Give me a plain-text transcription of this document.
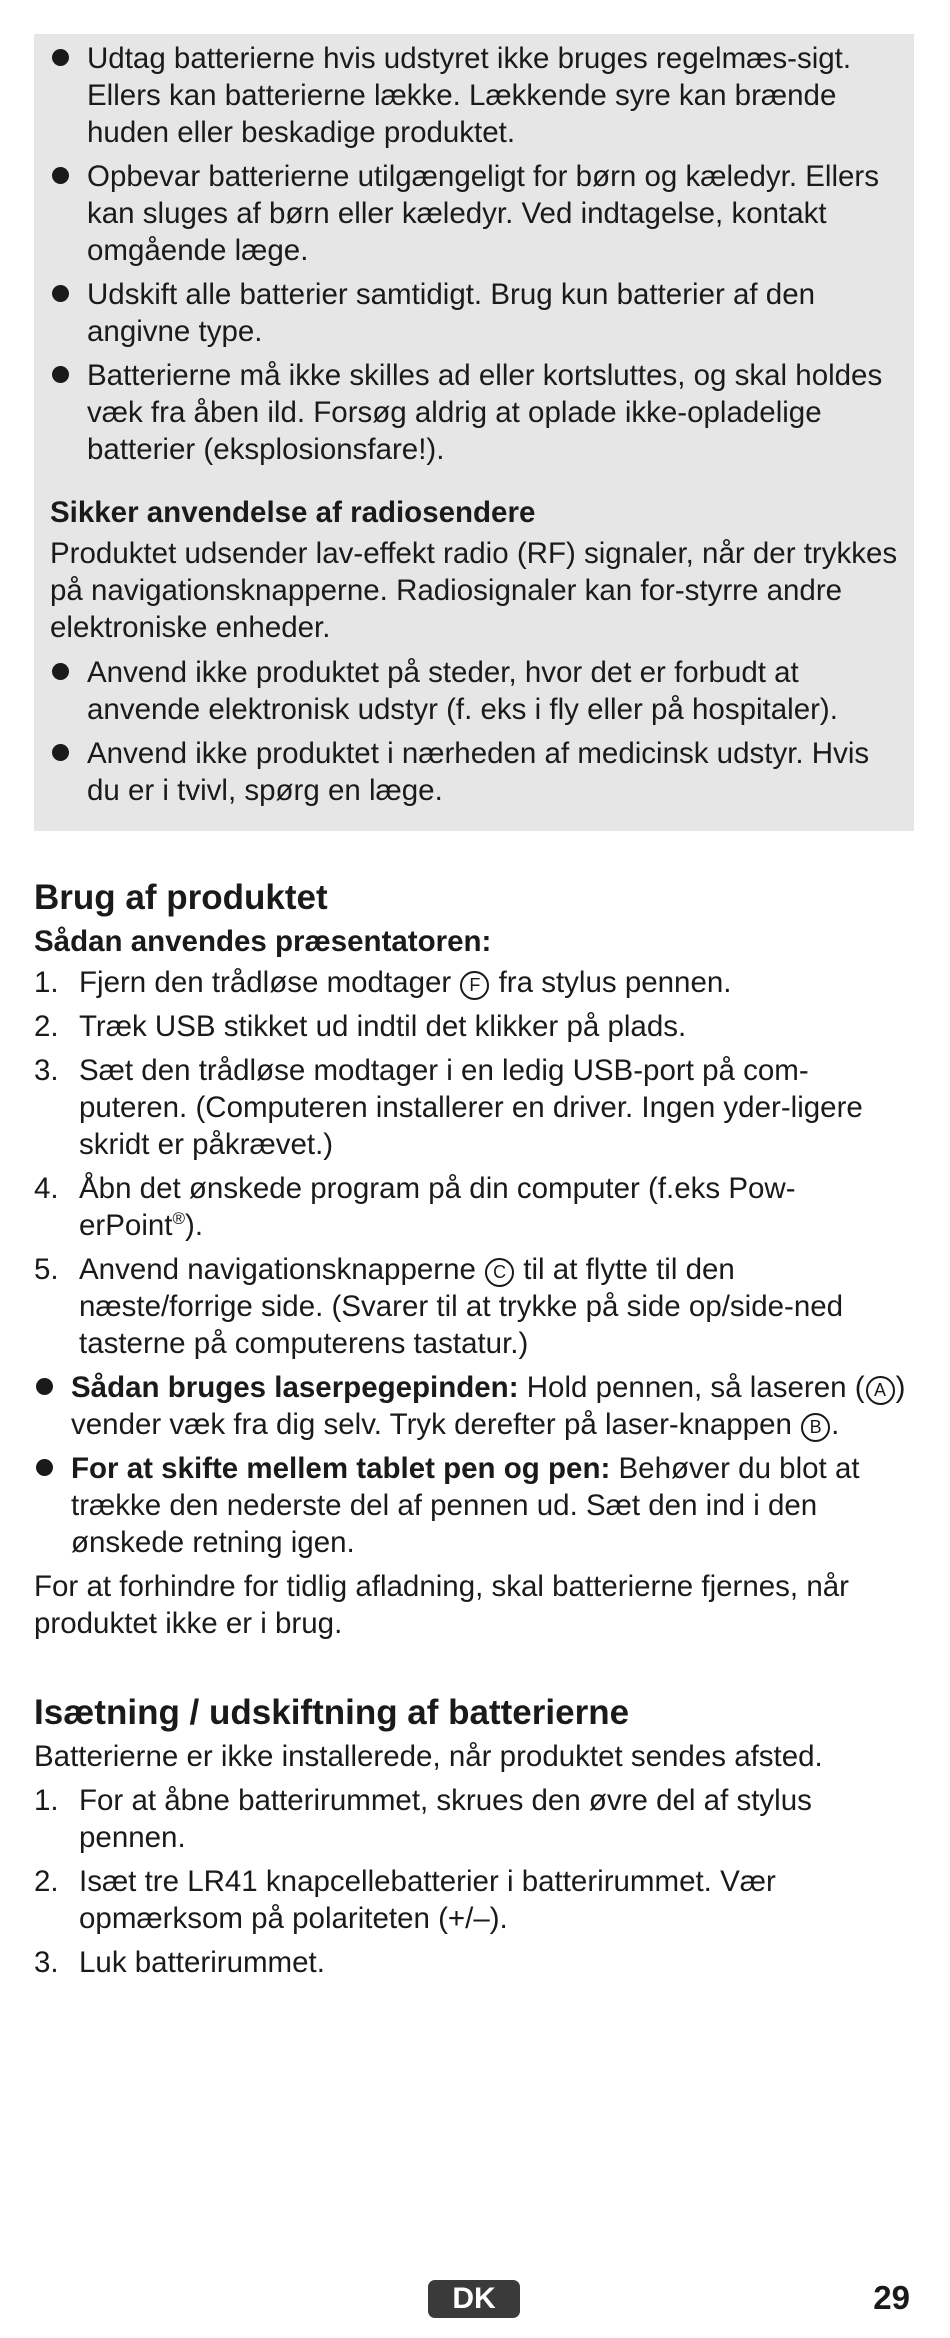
Udtag batterierne hvis udstyret ikke bruges regelmæs-sigt. Ellers kan batterierne lække. Lækkende syre kan brænde huden eller beskadige produktet.
Opbevar batterierne utilgængeligt for børn og kæledyr. Ellers kan sluges af børn eller kæledyr. Ved indtagelse, kontakt omgående læge.
Udskift alle batterier samtidigt. Brug kun batterier af den angivne type.
Batterierne må ikke skilles ad eller kortsluttes, og skal holdes væk fra åben ild. Forsøg aldrig at oplade ikke-opladelige batterier (eksplosionsfare!).

Sikker anvendelse af radiosendere

Produktet udsender lav-effekt radio (RF) signaler, når der trykkes på navigationsknapperne. Radiosignaler kan for-styrre andre elektroniske enheder.

Anvend ikke produktet på steder, hvor det er forbudt at anvende elektronisk udstyr (f. eks i fly eller på hospitaler).
Anvend ikke produktet i nærheden af medicinsk udstyr. Hvis du er i tvivl, spørg en læge.
Brug af produktet

Sådan anvendes præsentatoren:

1. Fjern den trådløse modtager F fra stylus pennen.
2. Træk USB stikket ud indtil det klikker på plads.
3. Sæt den trådløse modtager i en ledig USB-port på com-puteren. (Computeren installerer en driver. Ingen yder-ligere skridt er påkrævet.)
4. Åbn det ønskede program på din computer (f.eks Pow-erPoint®).
5. Anvend navigationsknapperne C til at flytte til den næste/forrige side. (Svarer til at trykke på side op/side-ned tasterne på computerens tastatur.)
Sådan bruges laserpegepinden: Hold pennen, så laseren ( A ) vender væk fra dig selv. Tryk derefter på laser-knappen B .
For at skifte mellem tablet pen og pen: Behøver du blot at trække den nederste del af pennen ud. Sæt den ind i den ønskede retning igen.

For at forhindre for tidlig afladning, skal batterierne fjernes, når produktet ikke er i brug.

Isætning / udskiftning af batterierne

Batterierne er ikke installerede, når produktet sendes afsted.

1. For at åbne batterirummet, skrues den øvre del af stylus pennen.
2. Isæt tre LR41 knapcellebatterier i batterirummet. Vær opmærksom på polariteten (+/–).
3. Luk batterirummet.
DK	29
